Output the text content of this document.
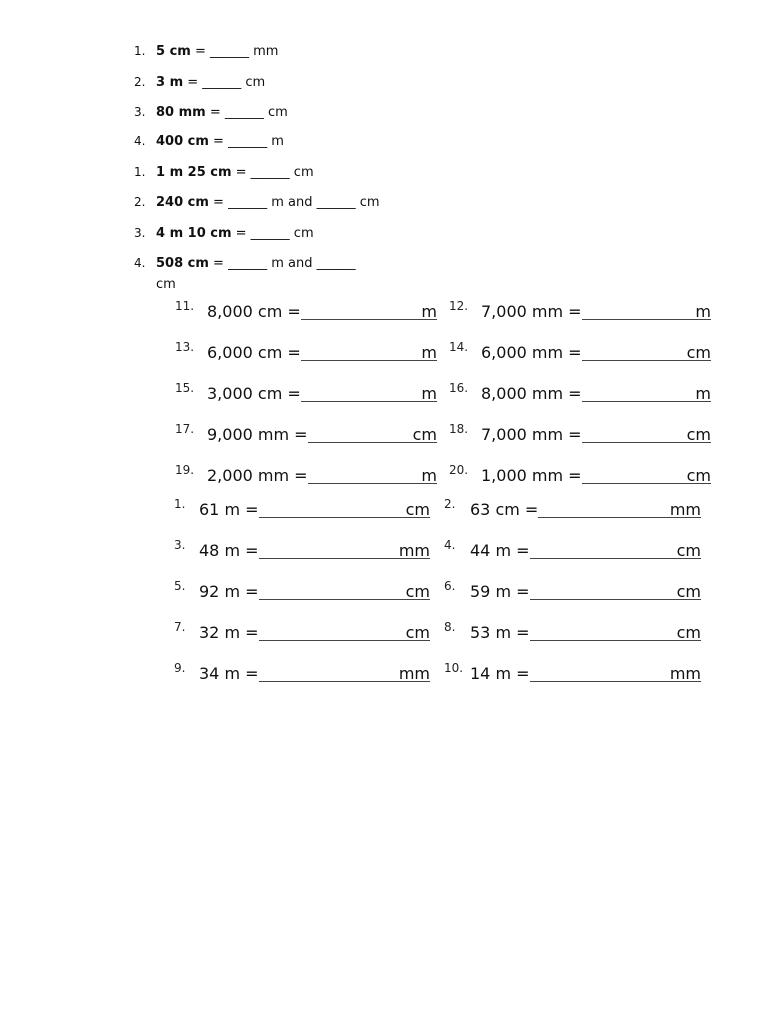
1. 5 cm = ______ mm
2. 3 m = ______ cm
3. 80 mm = ______ cm
4. 400 cm = ______ m
1. 1 m 25 cm = ______ cm
2. 240 cm = ______ m and ______ cm
3. 4 m 10 cm = ______ cm
4. 508 cm = ______ m and ______
cm
11. 8,000 cm =	m 12. 7,000 mm =	m
13. 6,000 cm =	m 14. 6,000 mm =	cm
15. 3,000 cm =	m 16. 8,000 mm =	m
17. 9,000 mm =	cm 18. 7,000 mm =	cm
19. 2,000 mm =	m 20. 1,000 mm =	cm
1. 61 m =	cm 2. 63 cm =	mm
3. 48 m =	mm 4. 44 m =	cm
5. 92 m =	cm 6. 59 m =	cm
7. 32 m =	cm 8. 53 m =	cm
9. 34 m =	mm 10. 14 m =	mm
